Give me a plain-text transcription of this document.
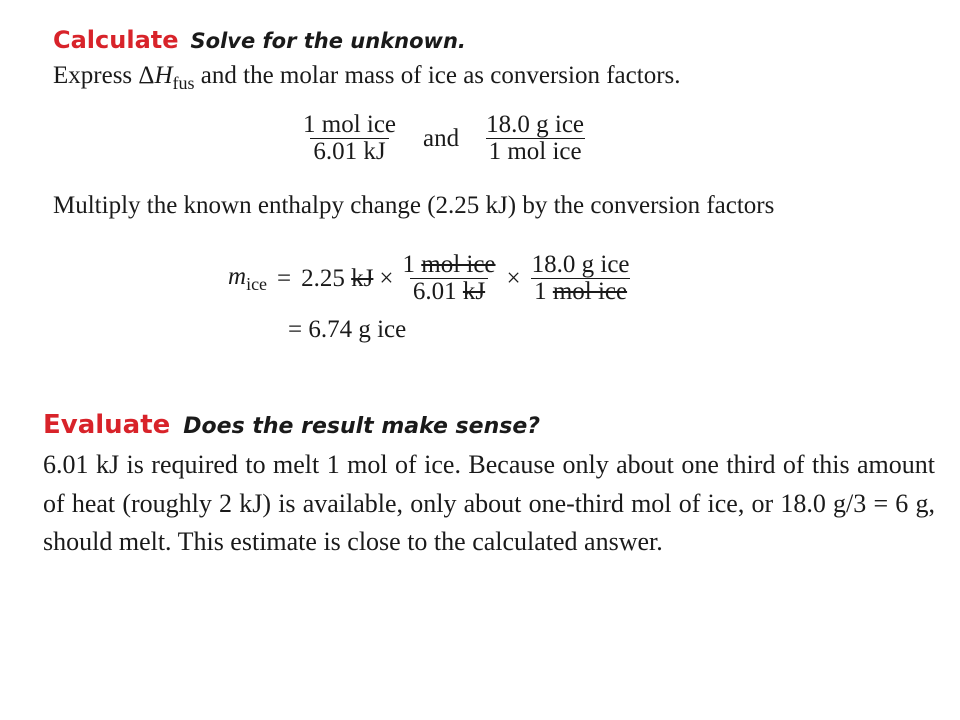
Calculate Solve for the unknown.
Express $\Delta H_{fus}$ and the molar mass of ice as conversion factors.
$\frac{\text{1 mol ice}}{6.01 kJ}$ and $\frac{\text{18.0 g ice}}{\text{1 mol ice}}$
Multiply the known enthalpy change (2.25 kJ) by the conversion factors
$m_{ice} = 2.25$
kJ × $\frac{\text{1 mol ice}}{6.01 kJ} \times \frac{\text{18.0 g ice}}{\text{1 mol ice}}$
= 6.74 g ice
Evaluate Does the result make sense?
6.01 kJ is required to melt 1 mol of ice. Because only about one third of this amount of heat (roughly 2 kJ) is available, only about one-third mol of ice, or 18.0 g/3 = 6 g, should melt. This estimate is close to the calculated answer.
